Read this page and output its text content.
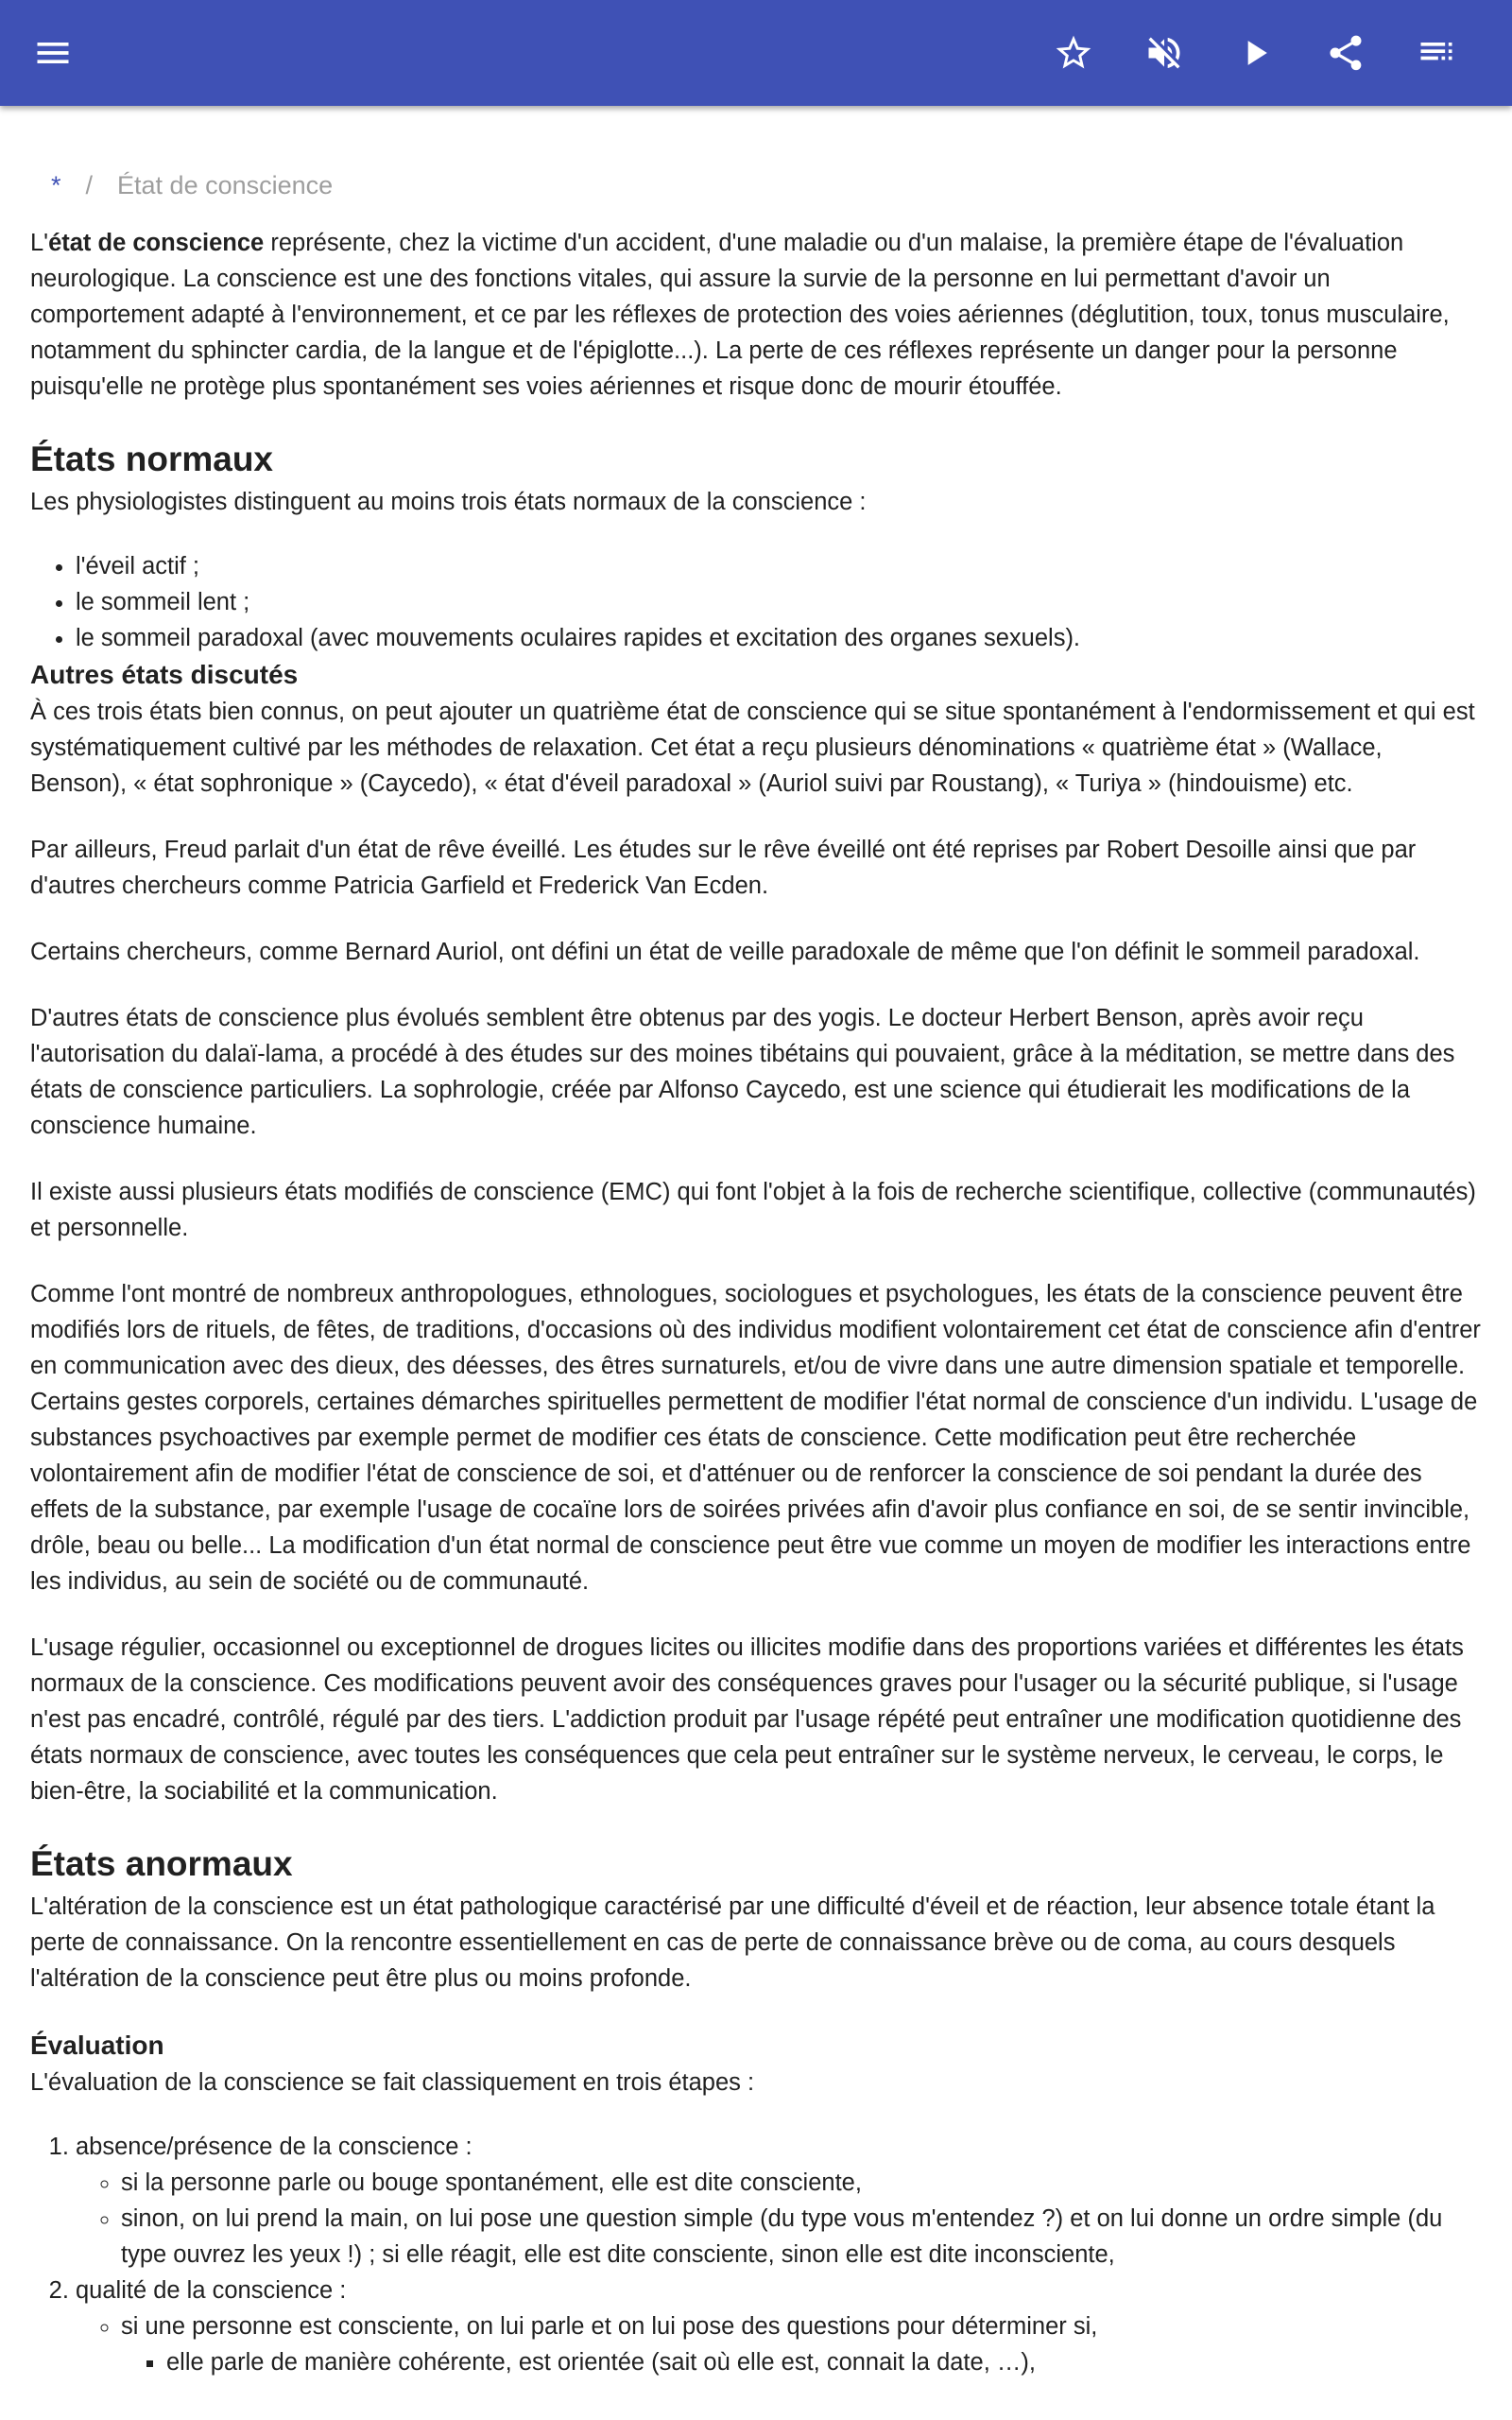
* / État de conscience

L'état de conscience représente, chez la victime d'un accident, d'une maladie ou d'un malaise, la première étape de l'évaluation neurologique. La conscience est une des fonctions vitales, qui assure la survie de la personne en lui permettant d'avoir un comportement adapté à l'environnement, et ce par les réflexes de protection des voies aériennes (déglutition, toux, tonus musculaire, notamment du sphincter cardia, de la langue et de l'épiglotte...). La perte de ces réflexes représente un danger pour la personne puisqu'elle ne protège plus spontanément ses voies aériennes et risque donc de mourir étouffée.

États normaux

Les physiologistes distinguent au moins trois états normaux de la conscience :

• l'éveil actif ;
• le sommeil lent ;
• le sommeil paradoxal (avec mouvements oculaires rapides et excitation des organes sexuels).
Autres états discutés

À ces trois états bien connus, on peut ajouter un quatrième état de conscience qui se situe spontanément à l'endormissement et qui est systématiquement cultivé par les méthodes de relaxation. Cet état a reçu plusieurs dénominations « quatrième état » (Wallace, Benson), « état sophronique » (Caycedo), « état d'éveil paradoxal » (Auriol suivi par Roustang), « Turiya » (hindouisme) etc.

Par ailleurs, Freud parlait d'un état de rêve éveillé. Les études sur le rêve éveillé ont été reprises par Robert Desoille ainsi que par d'autres chercheurs comme Patricia Garfield et Frederick Van Ecden.

Certains chercheurs, comme Bernard Auriol, ont défini un état de veille paradoxale de même que l'on définit le sommeil paradoxal.

D'autres états de conscience plus évolués semblent être obtenus par des yogis. Le docteur Herbert Benson, après avoir reçu l'autorisation du dalaï-lama, a procédé à des études sur des moines tibétains qui pouvaient, grâce à la méditation, se mettre dans des états de conscience particuliers. La sophrologie, créée par Alfonso Caycedo, est une science qui étudierait les modifications de la conscience humaine.

Il existe aussi plusieurs états modifiés de conscience (EMC) qui font l'objet à la fois de recherche scientifique, collective (communautés) et personnelle.

Comme l'ont montré de nombreux anthropologues, ethnologues, sociologues et psychologues, les états de la conscience peuvent être modifiés lors de rituels, de fêtes, de traditions, d'occasions où des individus modifient volontairement cet état de conscience afin d'entrer en communication avec des dieux, des déesses, des êtres surnaturels, et/ou de vivre dans une autre dimension spatiale et temporelle. Certains gestes corporels, certaines démarches spirituelles permettent de modifier l'état normal de conscience d'un individu. L'usage de substances psychoactives par exemple permet de modifier ces états de conscience. Cette modification peut être recherchée volontairement afin de modifier l'état de conscience de soi, et d'atténuer ou de renforcer la conscience de soi pendant la durée des effets de la substance, par exemple l'usage de cocaïne lors de soirées privées afin d'avoir plus confiance en soi, de se sentir invincible, drôle, beau ou belle... La modification d'un état normal de conscience peut être vue comme un moyen de modifier les interactions entre les individus, au sein de société ou de communauté.

L'usage régulier, occasionnel ou exceptionnel de drogues licites ou illicites modifie dans des proportions variées et différentes les états normaux de la conscience. Ces modifications peuvent avoir des conséquences graves pour l'usager ou la sécurité publique, si l'usage n'est pas encadré, contrôlé, régulé par des tiers. L'addiction produit par l'usage répété peut entraîner une modification quotidienne des états normaux de conscience, avec toutes les conséquences que cela peut entraîner sur le système nerveux, le cerveau, le corps, le bien-être, la sociabilité et la communication.

États anormaux

L'altération de la conscience est un état pathologique caractérisé par une difficulté d'éveil et de réaction, leur absence totale étant la perte de connaissance. On la rencontre essentiellement en cas de perte de connaissance brève ou de coma, au cours desquels l'altération de la conscience peut être plus ou moins profonde.

Évaluation

L'évaluation de la conscience se fait classiquement en trois étapes :

1. absence/présence de la conscience :
◦ si la personne parle ou bouge spontanément, elle est dite consciente,
◦ sinon, on lui prend la main, on lui pose une question simple (du type vous m'entendez ?) et on lui donne un ordre simple (du type ouvrez les yeux !) ; si elle réagit, elle est dite consciente, sinon elle est dite inconsciente,
2. qualité de la conscience :
◦ si une personne est consciente, on lui parle et on lui pose des questions pour déterminer si,
▪ elle parle de manière cohérente, est orientée (sait où elle est, connait la date, …),
